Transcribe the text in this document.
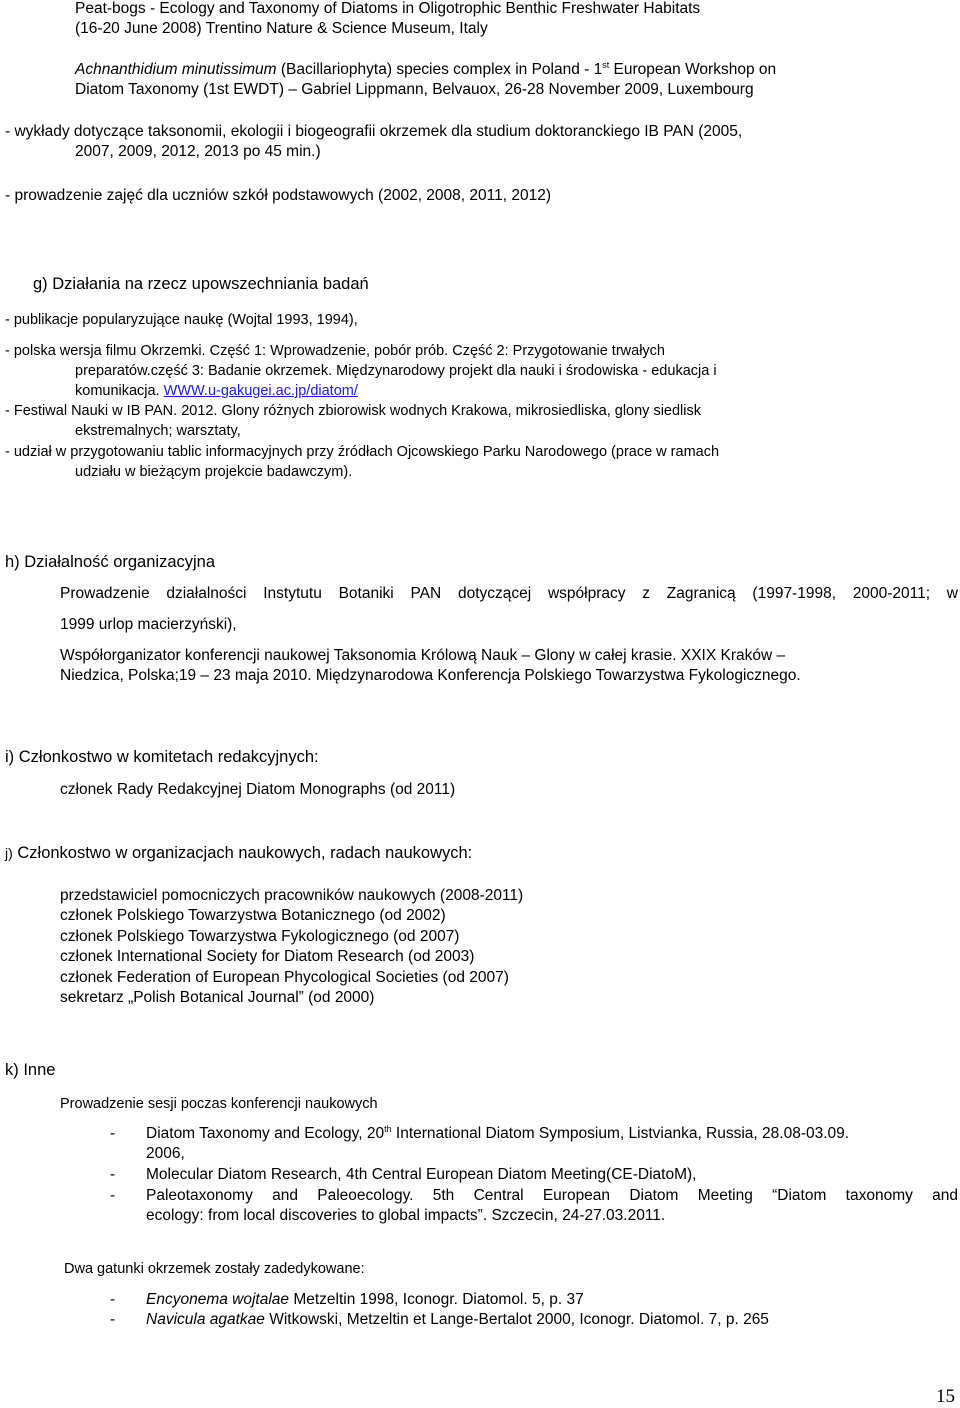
Peat-bogs - Ecology and Taxonomy of Diatoms in Oligotrophic Benthic Freshwater Habitats
(16-20 June 2008) Trentino Nature & Science Museum, Italy
Achnanthidium minutissimum (Bacillariophyta) species complex in Poland - 1st European Workshop on
Diatom Taxonomy (1st EWDT) – Gabriel Lippmann, Belvauox, 26-28 November 2009, Luxembourg
- wykłady dotyczące taksonomii, ekologii i biogeografii okrzemek dla studium doktoranckiego IB PAN (2005,
2007, 2009, 2012, 2013 po 45 min.)
- prowadzenie zajęć dla uczniów szkół podstawowych (2002, 2008, 2011, 2012)
g) Działania na rzecz upowszechniania badań
- publikacje popularyzujące naukę (Wojtal 1993, 1994),
- polska wersja filmu Okrzemki. Część 1: Wprowadzenie, pobór prób. Część 2: Przygotowanie trwałych
preparatów.część 3: Badanie okrzemek. Międzynarodowy projekt dla nauki i środowiska - edukacja i
komunikacja. WWW.u-gakugei.ac.jp/diatom/
- Festiwal Nauki w IB PAN. 2012. Glony różnych zbiorowisk wodnych Krakowa, mikrosiedliska, glony siedlisk
ekstremalnych; warsztaty,
- udział w przygotowaniu tablic informacyjnych przy źródłach Ojcowskiego Parku Narodowego (prace w ramach
udziału w bieżącym projekcie badawczym).
h) Działalność organizacyjna
Prowadzenie działalności Instytutu Botaniki PAN dotyczącej współpracy z Zagranicą (1997-1998, 2000-2011; w
1999 urlop macierzyński),
Współorganizator konferencji naukowej Taksonomia Królową Nauk – Glony w całej krasie. XXIX Kraków –
Niedzica, Polska;19 – 23 maja 2010. Międzynarodowa Konferencja Polskiego Towarzystwa Fykologicznego.
i) Członkostwo w komitetach redakcyjnych:
członek Rady Redakcyjnej Diatom Monographs (od 2011)
j) Członkostwo w organizacjach naukowych, radach naukowych:
przedstawiciel pomocniczych pracowników naukowych (2008-2011)
członek Polskiego Towarzystwa Botanicznego (od 2002)
członek Polskiego Towarzystwa Fykologicznego (od 2007)
członek International Society for Diatom Research (od 2003)
członek Federation of European Phycological Societies (od 2007)
sekretarz „Polish Botanical Journal” (od 2000)
k) Inne
Prowadzenie sesji poczas konferencji naukowych
- Diatom Taxonomy and Ecology, 20th International Diatom Symposium, Listvianka, Russia, 28.08-03.09.
2006,
- Molecular Diatom Research, 4th Central European Diatom Meeting(CE-DiatoM),
- Paleotaxonomy and Paleoecology. 5th Central European Diatom Meeting “Diatom taxonomy and
ecology: from local discoveries to global impacts”. Szczecin, 24-27.03.2011.
Dwa gatunki okrzemek zostały zadedykowane:
- Encyonema wojtalae Metzeltin 1998, Iconogr. Diatomol. 5, p. 37
- Navicula agatkae Witkowski, Metzeltin et Lange-Bertalot 2000, Iconogr. Diatomol. 7, p. 265
15
